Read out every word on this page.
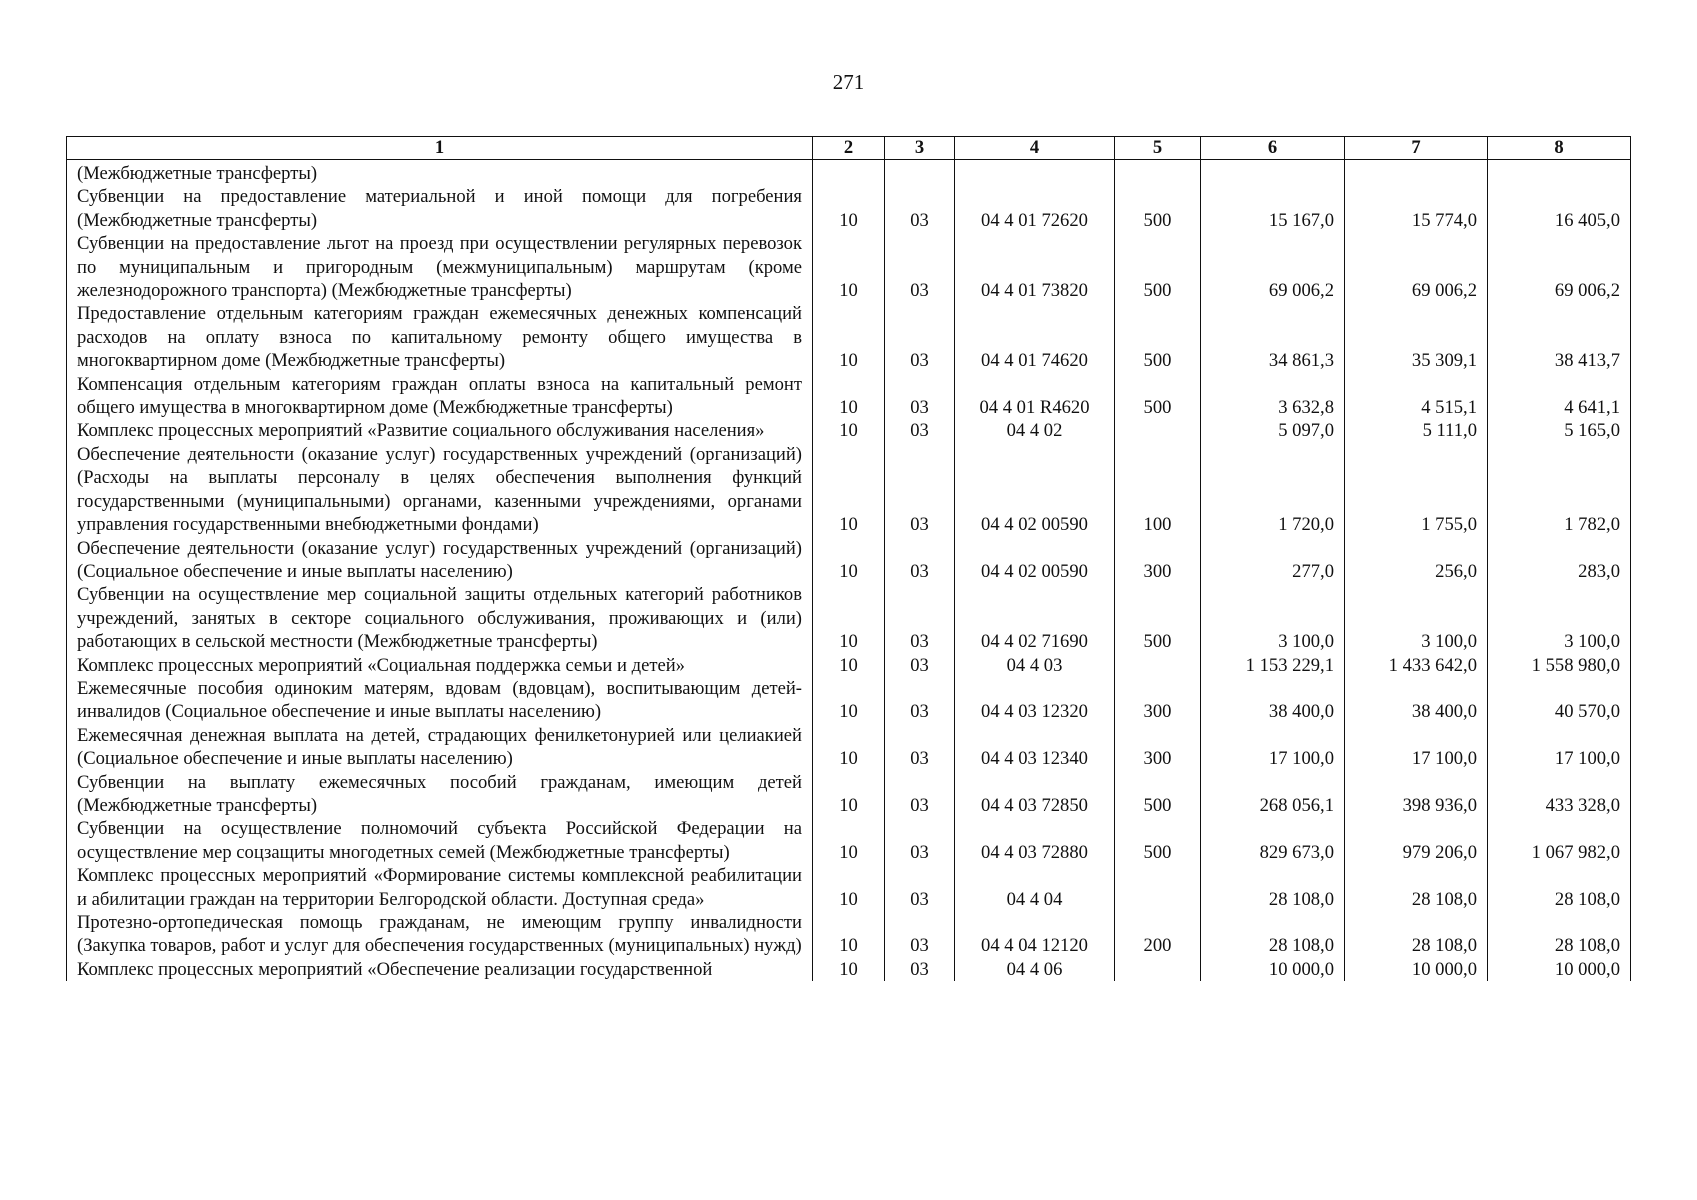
271
1	2	3	4	5	6	7	8
(Межбюджетные трансферты)							
Субвенции на предоставление материальной и иной помощи для погребения (Межбюджетные трансферты)	10	03	04 4 01 72620	500	15 167,0	15 774,0	16 405,0
Субвенции на предоставление льгот на проезд при осуществлении регулярных перевозок по муниципальным и пригородным (межмуниципальным) маршрутам (кроме железнодорожного транспорта) (Межбюджетные трансферты)	10	03	04 4 01 73820	500	69 006,2	69 006,2	69 006,2
Предоставление отдельным категориям граждан ежемесячных денежных компенсаций расходов на оплату взноса по капитальному ремонту общего имущества в многоквартирном доме (Межбюджетные трансферты)	10	03	04 4 01 74620	500	34 861,3	35 309,1	38 413,7
Компенсация отдельным категориям граждан оплаты взноса на капитальный ремонт общего имущества в многоквартирном доме (Межбюджетные трансферты)	10	03	04 4 01 R4620	500	3 632,8	4 515,1	4 641,1
Комплекс процессных мероприятий «Развитие социального обслуживания населения»	10	03	04 4 02		5 097,0	5 111,0	5 165,0
Обеспечение деятельности (оказание услуг) государственных учреждений (организаций) (Расходы на выплаты персоналу в целях обеспечения выполнения функций государственными (муниципальными) органами, казенными учреждениями, органами управления государственными внебюджетными фондами)	10	03	04 4 02 00590	100	1 720,0	1 755,0	1 782,0
Обеспечение деятельности (оказание услуг) государственных учреждений (организаций) (Социальное обеспечение и иные выплаты населению)	10	03	04 4 02 00590	300	277,0	256,0	283,0
Субвенции на осуществление мер социальной защиты отдельных категорий работников учреждений, занятых в секторе социального обслуживания, проживающих и (или) работающих в сельской местности (Межбюджетные трансферты)	10	03	04 4 02 71690	500	3 100,0	3 100,0	3 100,0
Комплекс процессных мероприятий «Социальная поддержка семьи и детей»	10	03	04 4 03		1 153 229,1	1 433 642,0	1 558 980,0
Ежемесячные пособия одиноким матерям, вдовам (вдовцам), воспитывающим детей-инвалидов (Социальное обеспечение и иные выплаты населению)	10	03	04 4 03 12320	300	38 400,0	38 400,0	40 570,0
Ежемесячная денежная выплата на детей, страдающих фенилкетонурией или целиакией (Социальное обеспечение и иные выплаты населению)	10	03	04 4 03 12340	300	17 100,0	17 100,0	17 100,0
Субвенции на выплату ежемесячных пособий гражданам, имеющим детей (Межбюджетные трансферты)	10	03	04 4 03 72850	500	268 056,1	398 936,0	433 328,0
Субвенции на осуществление полномочий субъекта Российской Федерации на осуществление мер соцзащиты многодетных семей (Межбюджетные трансферты)	10	03	04 4 03 72880	500	829 673,0	979 206,0	1 067 982,0
Комплекс процессных мероприятий «Формирование системы комплексной реабилитации и абилитации граждан на территории Белгородской области. Доступная среда»	10	03	04 4 04		28 108,0	28 108,0	28 108,0
Протезно-ортопедическая помощь гражданам, не имеющим группу инвалидности (Закупка товаров, работ и услуг для обеспечения государственных (муниципальных) нужд)	10	03	04 4 04 12120	200	28 108,0	28 108,0	28 108,0
Комплекс процессных мероприятий «Обеспечение реализации государственной	10	03	04 4 06		10 000,0	10 000,0	10 000,0
